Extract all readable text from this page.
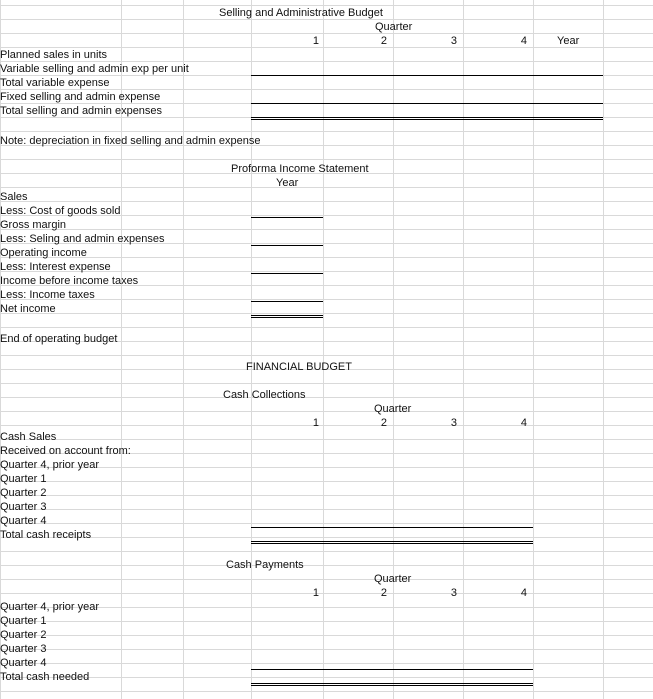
Selling and Administrative Budget
Quarter
1	2	3	4	Year
Planned sales in units
Variable selling and admin exp per unit
Total variable expense
Fixed selling and admin expense
Total selling and admin expenses
Note: depreciation in fixed selling and admin expense
Proforma Income Statement
Year
Sales
Less: Cost of goods sold
Gross margin
Less: Seling and admin expenses
Operating income
Less: Interest expense
Income before income taxes
Less: Income taxes
Net income
End of operating budget
FINANCIAL BUDGET
Cash Collections
Quarter
1	2	3	4
Cash Sales
Received on account from:
Quarter 4, prior year
Quarter 1
Quarter 2
Quarter 3
Quarter 4
Total cash receipts
Cash Payments
Quarter
1	2	3	4
Quarter 4, prior year
Quarter 1
Quarter 2
Quarter 3
Quarter 4
Total cash needed
